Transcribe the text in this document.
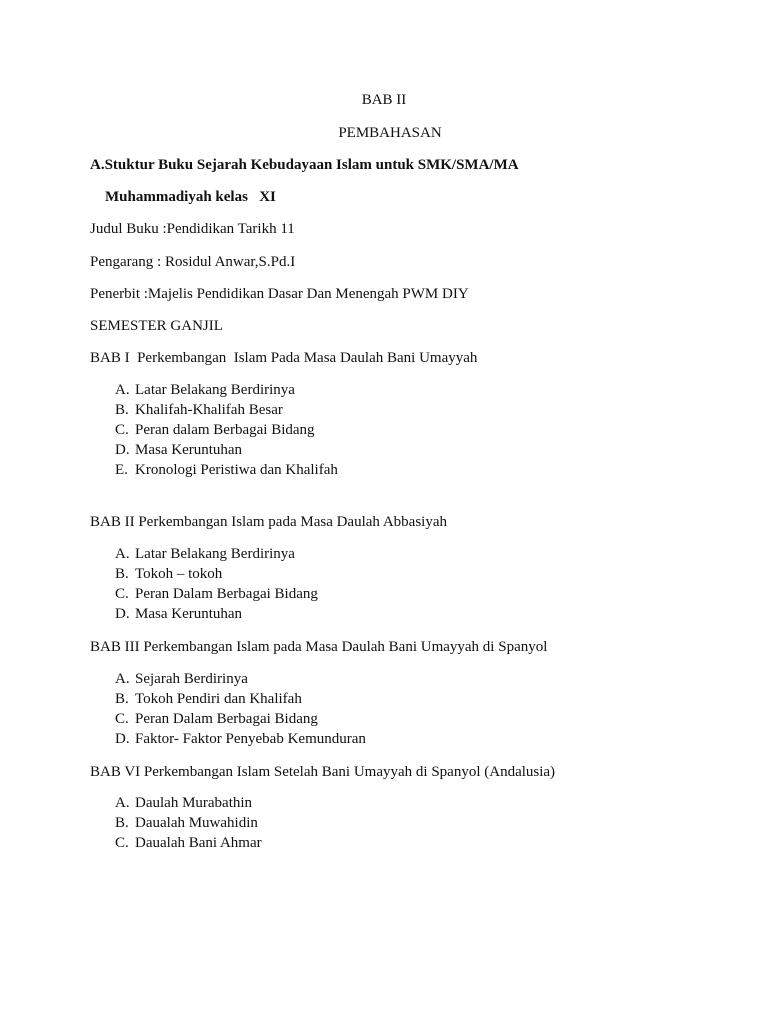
BAB II
PEMBAHASAN
A.Stuktur Buku Sejarah Kebudayaan Islam untuk SMK/SMA/MA
Muhammadiyah kelas   XI
Judul Buku :Pendidikan Tarikh 11
Pengarang : Rosidul Anwar,S.Pd.I
Penerbit :Majelis Pendidikan Dasar Dan Menengah PWM DIY
SEMESTER GANJIL
BAB I  Perkembangan  Islam Pada Masa Daulah Bani Umayyah
A. Latar Belakang Berdirinya
B. Khalifah-Khalifah Besar
C. Peran dalam Berbagai Bidang
D. Masa Keruntuhan
E. Kronologi Peristiwa dan Khalifah
BAB II Perkembangan Islam pada Masa Daulah Abbasiyah
A. Latar Belakang Berdirinya
B. Tokoh – tokoh
C. Peran Dalam Berbagai Bidang
D. Masa Keruntuhan
BAB III Perkembangan Islam pada Masa Daulah Bani Umayyah di Spanyol
A. Sejarah Berdirinya
B. Tokoh Pendiri dan Khalifah
C. Peran Dalam Berbagai Bidang
D. Faktor- Faktor Penyebab Kemunduran
BAB VI Perkembangan Islam Setelah Bani Umayyah di Spanyol (Andalusia)
A. Daulah Murabathin
B. Daualah Muwahidin
C. Daualah Bani Ahmar
